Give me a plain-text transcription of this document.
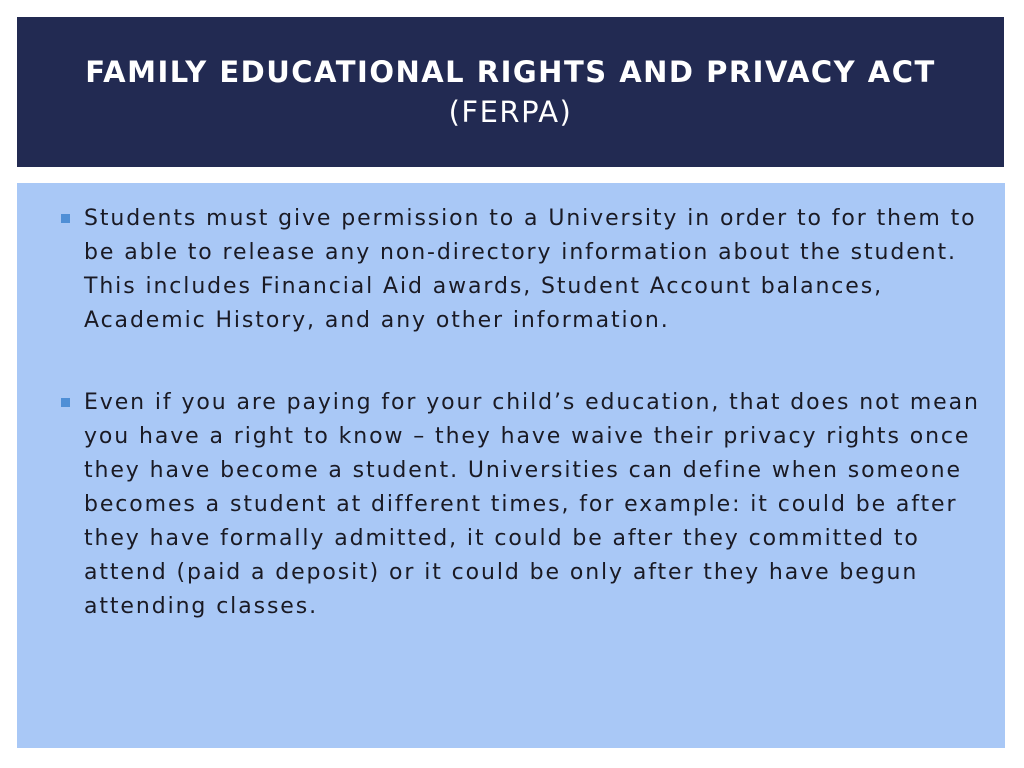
FAMILY EDUCATIONAL RIGHTS AND PRIVACY ACT
(FERPA)
Students must give permission to a University in order to for them to be able to release any non-directory information about the student. This includes Financial Aid awards, Student Account balances, Academic History, and any other information.
Even if you are paying for your child’s education, that does not mean you have a right to know – they have waive their privacy rights once they have become a student. Universities can define when someone becomes a student at different times, for example: it could be after they have formally admitted, it could be after they committed to attend (paid a deposit) or it could be only after they have begun attending classes.
